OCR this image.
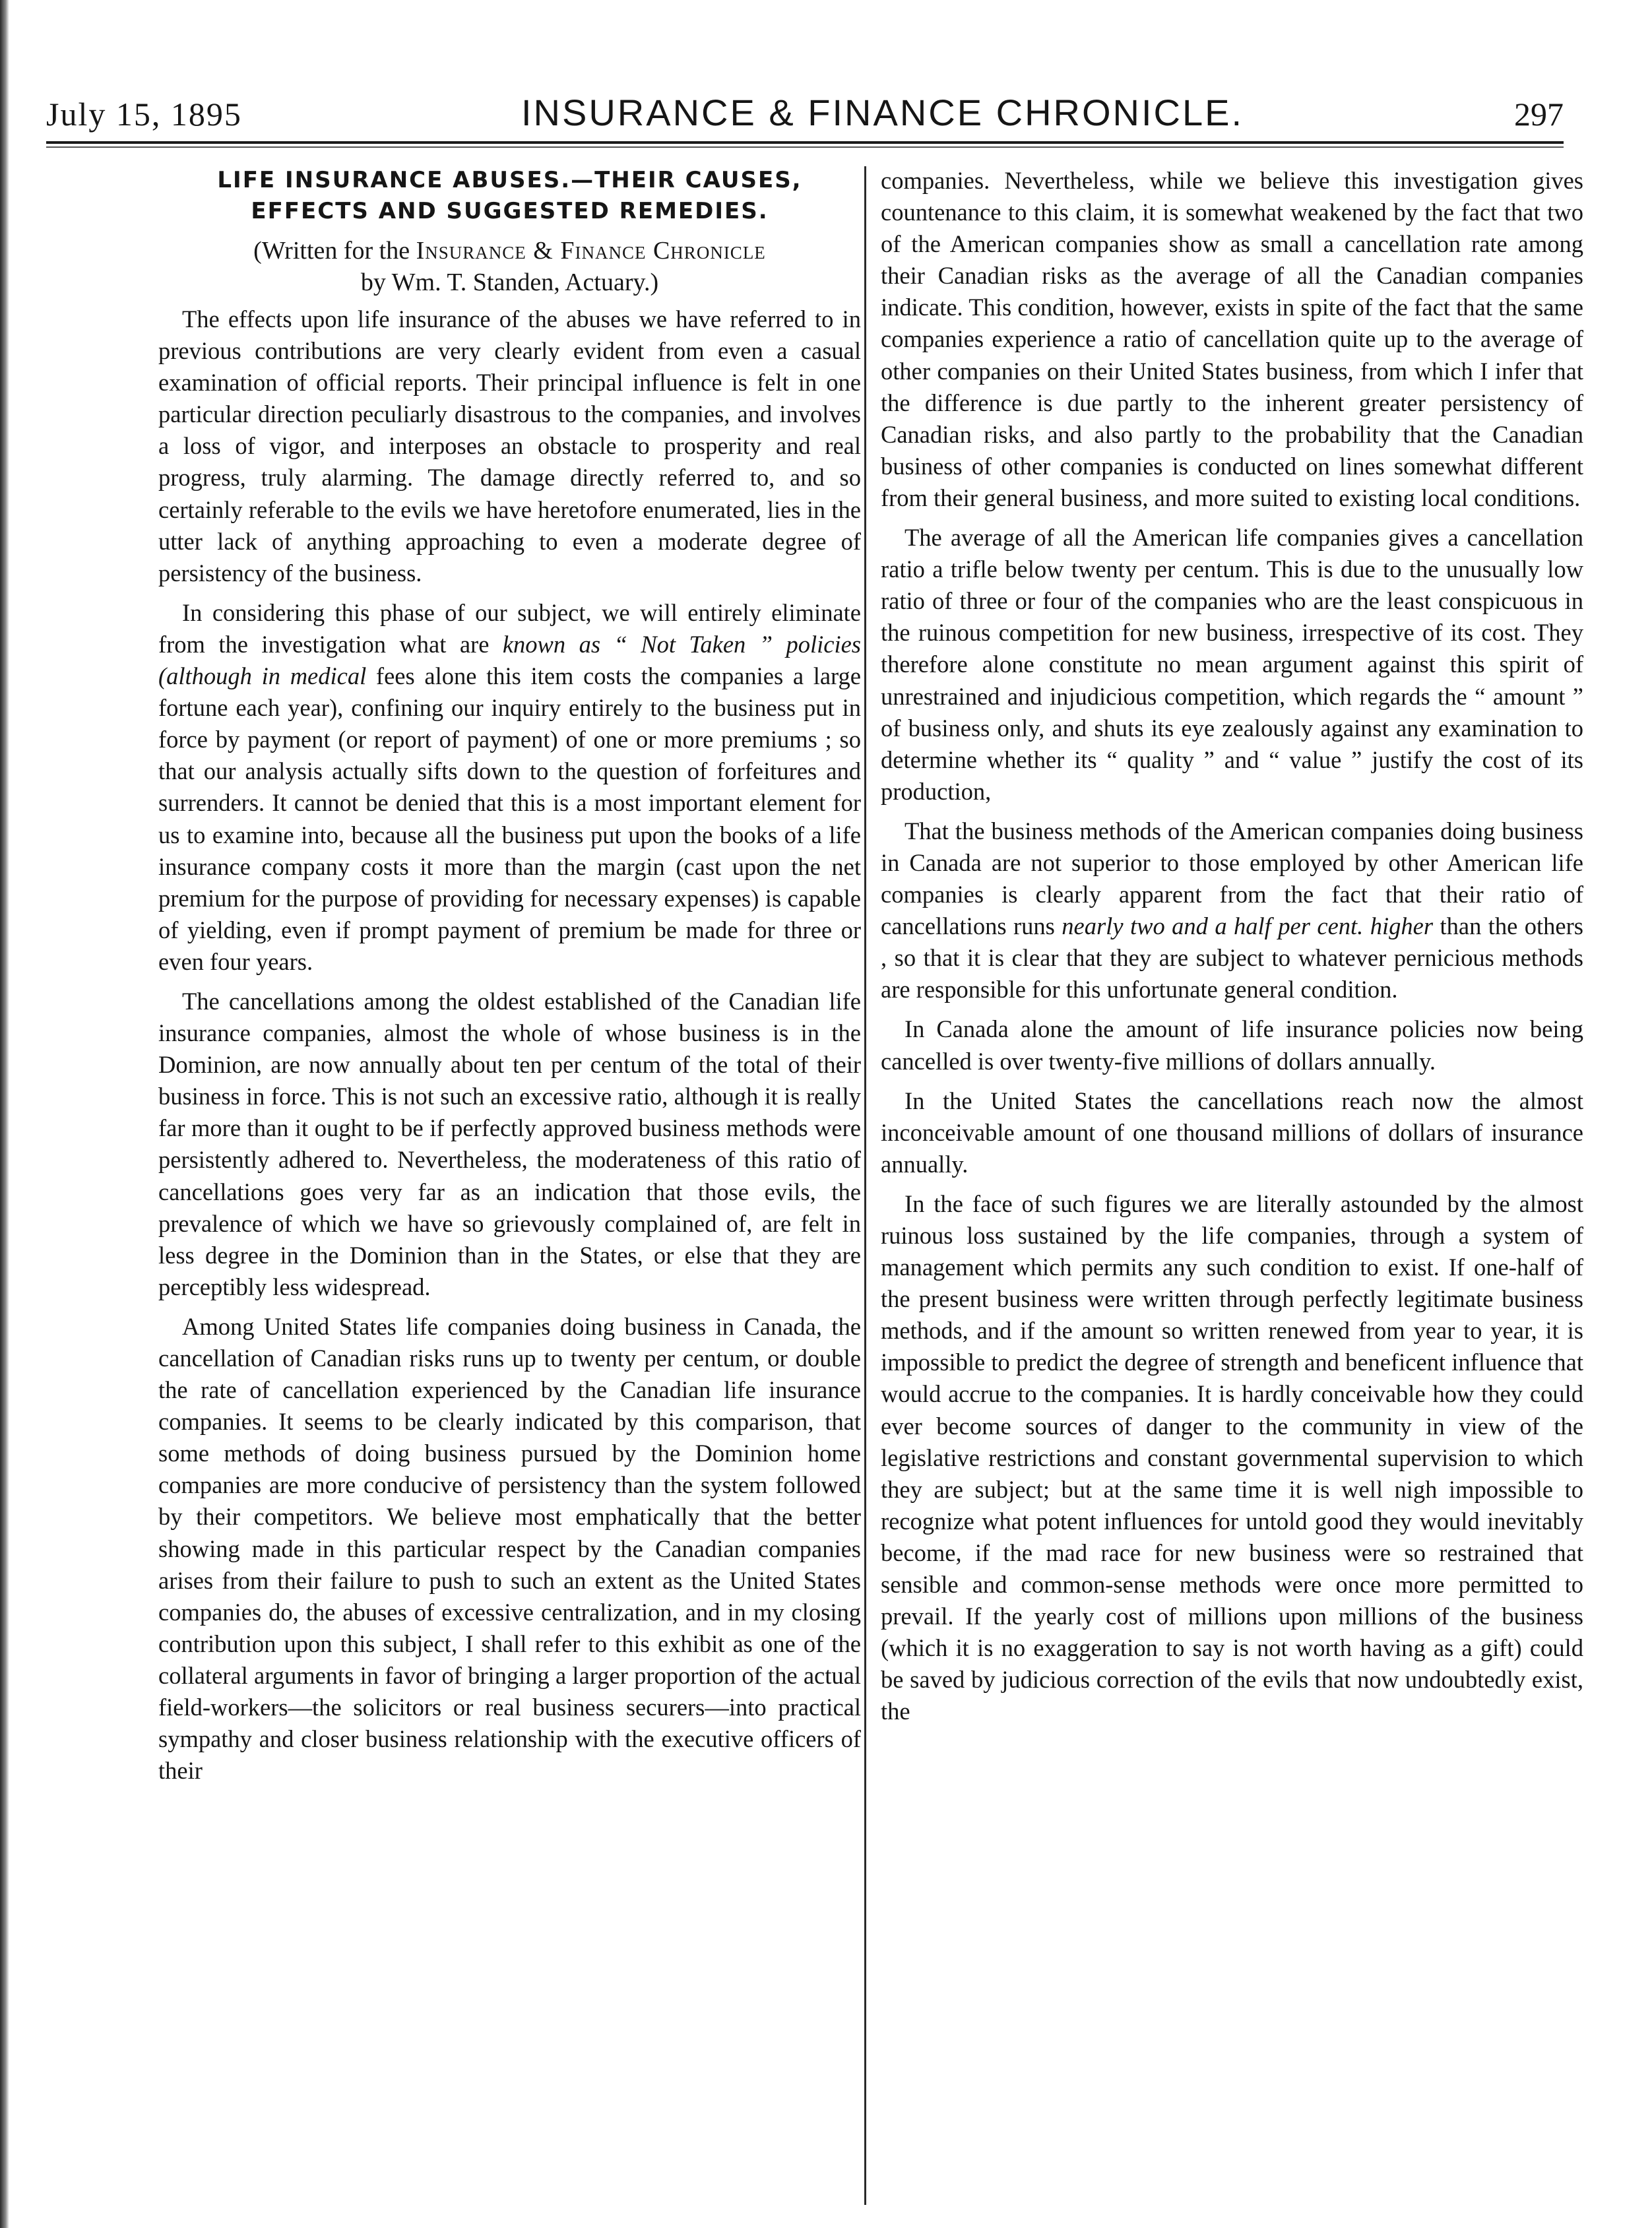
July 15, 1895	INSURANCE & FINANCE CHRONICLE.	297
LIFE INSURANCE ABUSES.—THEIR CAUSES,
EFFECTS AND SUGGESTED REMEDIES.
(Written for the Insurance & Finance Chronicle
by Wm. T. Standen, Actuary.)

The effects upon life insurance of the abuses we have referred to in previous contributions are very clearly evident from even a casual examination of official reports. Their principal influence is felt in one particular direction peculiarly disastrous to the companies, and involves a loss of vigor, and interposes an obstacle to prosperity and real progress, truly alarming. The damage directly referred to, and so certainly referable to the evils we have heretofore enumerated, lies in the utter lack of anything approaching to even a moderate degree of persistency of the business.

In considering this phase of our subject, we will entirely eliminate from the investigation what are known as “ Not Taken ” policies (although in medical fees alone this item costs the companies a large fortune each year), confining our inquiry entirely to the business put in force by payment (or report of payment) of one or more premiums ; so that our analysis actually sifts down to the question of forfeitures and surrenders. It cannot be denied that this is a most important element for us to examine into, because all the business put upon the books of a life insurance company costs it more than the margin (cast upon the net premium for the purpose of providing for necessary expenses) is capable of yielding, even if prompt payment of premium be made for three or even four years.

The cancellations among the oldest established of the Canadian life insurance companies, almost the whole of whose business is in the Dominion, are now annually about ten per centum of the total of their business in force. This is not such an excessive ratio, although it is really far more than it ought to be if perfectly approved business methods were persistently adhered to. Nevertheless, the moderateness of this ratio of cancellations goes very far as an indication that those evils, the prevalence of which we have so grievously complained of, are felt in less degree in the Dominion than in the States, or else that they are perceptibly less widespread.

Among United States life companies doing business in Canada, the cancellation of Canadian risks runs up to twenty per centum, or double the rate of cancellation experienced by the Canadian life insurance companies. It seems to be clearly indicated by this comparison, that some methods of doing business pursued by the Dominion home companies are more conducive of persistency than the system followed by their competitors. We believe most emphatically that the better showing made in this particular respect by the Canadian companies arises from their failure to push to such an extent as the United States companies do, the abuses of excessive centralization, and in my closing contribution upon this subject, I shall refer to this exhibit as one of the collateral arguments in favor of bringing a larger proportion of the actual field-workers—the solicitors or real business securers—into practical sympathy and closer business relationship with the executive officers of their

companies. Nevertheless, while we believe this investigation gives countenance to this claim, it is somewhat weakened by the fact that two of the American companies show as small a cancellation rate among their Canadian risks as the average of all the Canadian companies indicate. This condition, however, exists in spite of the fact that the same companies experience a ratio of cancellation quite up to the average of other companies on their United States business, from which I infer that the difference is due partly to the inherent greater persistency of Canadian risks, and also partly to the probability that the Canadian business of other companies is conducted on lines somewhat different from their general business, and more suited to existing local conditions.

The average of all the American life companies gives a cancellation ratio a trifle below twenty per centum. This is due to the unusually low ratio of three or four of the companies who are the least conspicuous in the ruinous competition for new business, irrespective of its cost. They therefore alone constitute no mean argument against this spirit of unrestrained and injudicious competition, which regards the “ amount ” of business only, and shuts its eye zealously against any examination to determine whether its “ quality ” and “ value ” justify the cost of its production,

That the business methods of the American companies doing business in Canada are not superior to those employed by other American life companies is clearly apparent from the fact that their ratio of cancellations runs nearly two and a half per cent. higher than the others , so that it is clear that they are subject to whatever pernicious methods are responsible for this unfortunate general condition.

In Canada alone the amount of life insurance policies now being cancelled is over twenty-five millions of dollars annually.

In the United States the cancellations reach now the almost inconceivable amount of one thousand millions of dollars of insurance annually.

In the face of such figures we are literally astounded by the almost ruinous loss sustained by the life companies, through a system of management which permits any such condition to exist. If one-half of the present business were written through perfectly legitimate business methods, and if the amount so written renewed from year to year, it is impossible to predict the degree of strength and beneficent influence that would accrue to the companies. It is hardly conceivable how they could ever become sources of danger to the community in view of the legislative restrictions and constant governmental supervision to which they are subject; but at the same time it is well nigh impossible to recognize what potent influences for untold good they would inevitably become, if the mad race for new business were so restrained that sensible and common-sense methods were once more permitted to prevail. If the yearly cost of millions upon millions of the business (which it is no exaggeration to say is not worth having as a gift) could be saved by judicious correction of the evils that now undoubtedly exist, the
